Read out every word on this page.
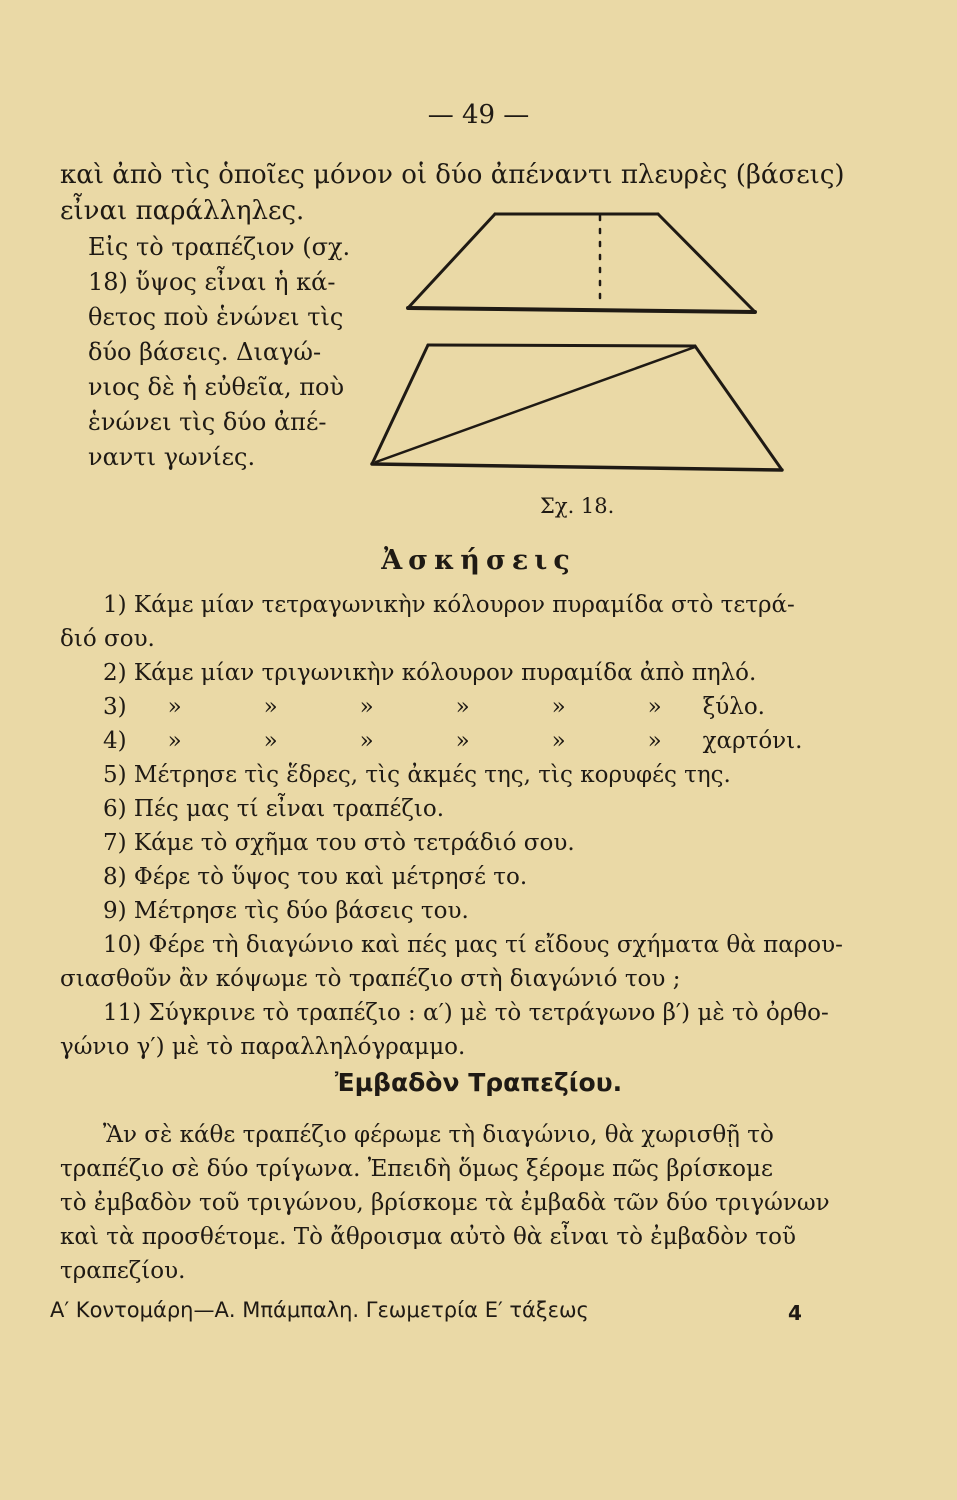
— 49 —
καὶ ἀπὸ τὶς ὁποῖες μόνον οἱ δύο ἀπέναντι πλευρὲς (βάσεις)
εἶναι παράλληλες.
Εἰς τὸ τραπέζιον (σχ.
18) ὕψος εἶναι ἡ κά-
θετος ποὺ ἑνώνει τὶς
δύο βάσεις. Διαγώ-
νιος δὲ ἡ εὐθεῖα, ποὺ
ἑνώνει τὶς δύο ἀπέ-
ναντι γωνίες.
Σχ. 18.
Ἀσκήσεις
1) Κάμε μίαν τετραγωνικὴν κόλουρον πυραμίδα στὸ τετρά-
διό σου.
2) Κάμε μίαν τριγωνικὴν κόλουρον πυραμίδα ἀπὸ πηλό.
3)	»	»	»	»	»	»	ξύλο.
4)	»	»	»	»	»	»	χαρτόνι.
5) Μέτρησε τὶς ἕδρες, τὶς ἀκμές της, τὶς κορυφές της.
6) Πές μας τί εἶναι τραπέζιο.
7) Κάμε τὸ σχῆμα του στὸ τετράδιό σου.
8) Φέρε τὸ ὕψος του καὶ μέτρησέ το.
9) Μέτρησε τὶς δύο βάσεις του.
10) Φέρε τὴ διαγώνιο καὶ πές μας τί εἴδους σχήματα θὰ παρου-
σιασθοῦν ἂν κόψωμε τὸ τραπέζιο στὴ διαγώνιό του ;
11) Σύγκρινε τὸ τραπέζιο : α′) μὲ τὸ τετράγωνο β′) μὲ τὸ ὀρθο-
γώνιο γ′) μὲ τὸ παραλληλόγραμμο.
Ἐμβαδὸν Τραπεζίου.
Ἂν σὲ κάθε τραπέζιο φέρωμε τὴ διαγώνιο, θὰ χωρισθῇ τὸ
τραπέζιο σὲ δύο τρίγωνα. Ἐπειδὴ ὅμως ξέρομε πῶς βρίσκομε
τὸ ἐμβαδὸν τοῦ τριγώνου, βρίσκομε τὰ ἐμβαδὰ τῶν δύο τριγώνων
καὶ τὰ προσθέτομε. Τὸ ἄθροισμα αὐτὸ θὰ εἶναι τὸ ἐμβαδὸν τοῦ
τραπεζίου.
Α′ Κοντομάρη—Α. Μπάμπαλη. Γεωμετρία Ε′ τάξεως	4
